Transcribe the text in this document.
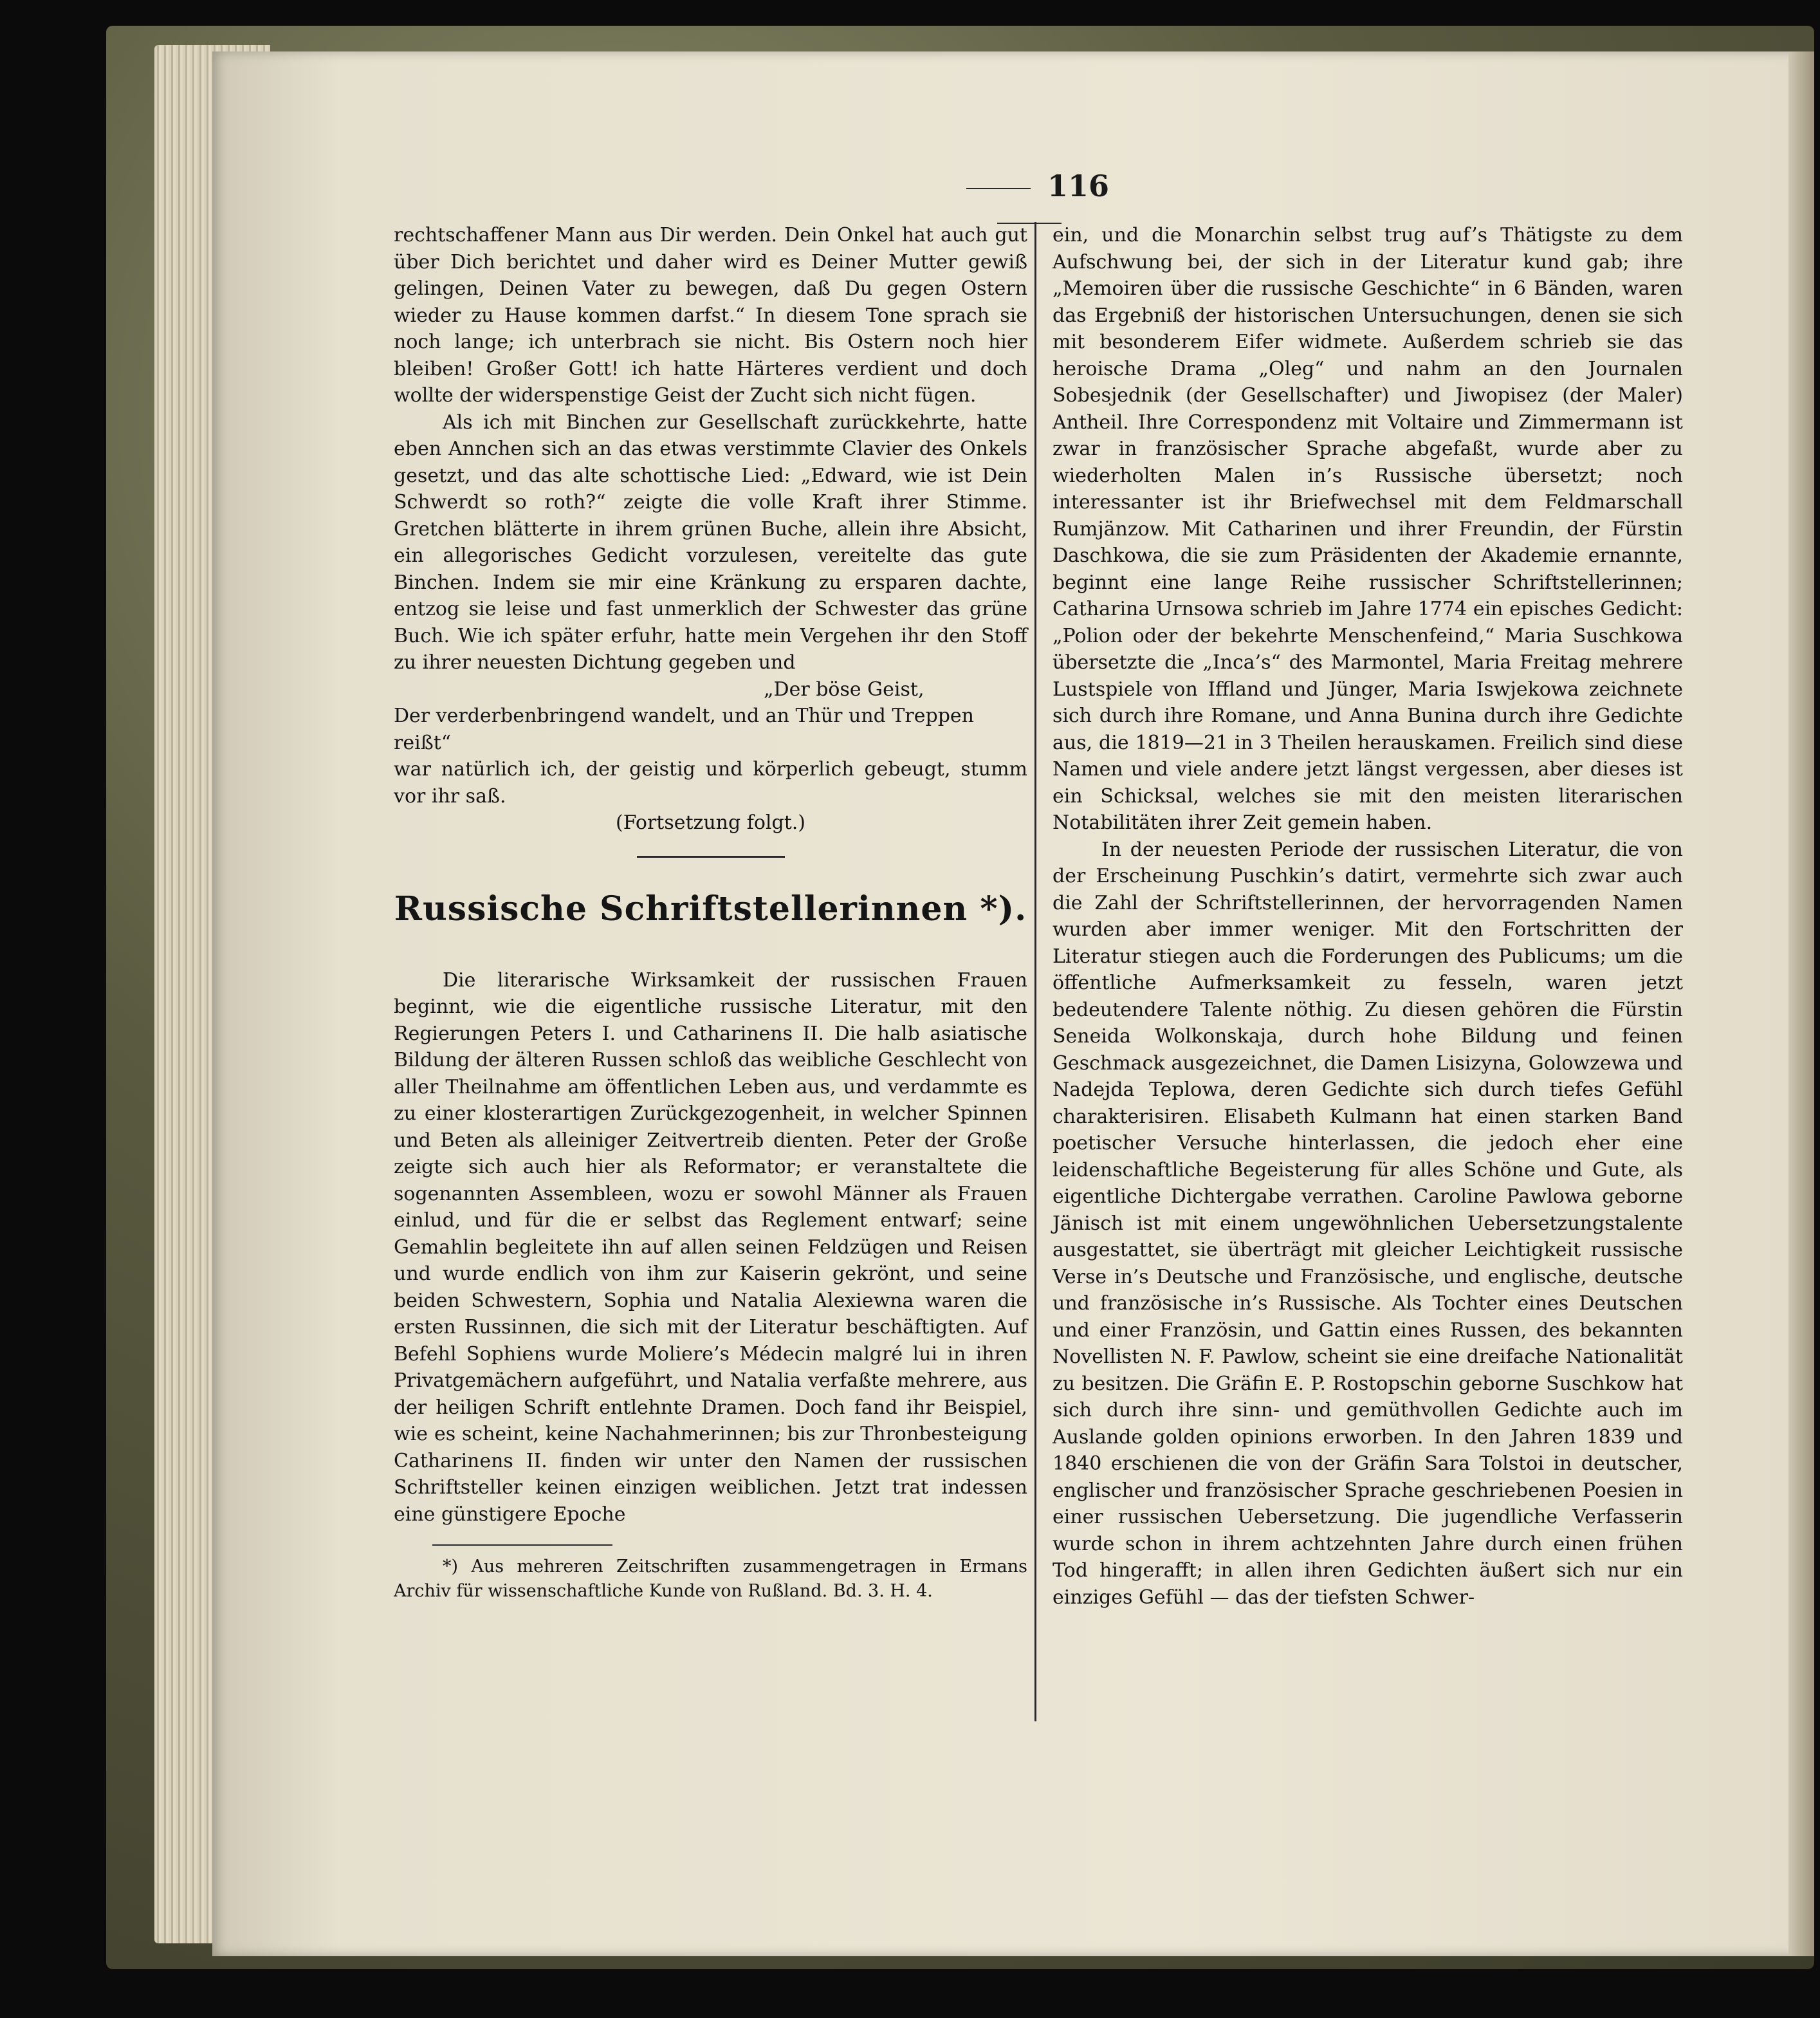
116

rechtschaffener Mann aus Dir werden. Dein Onkel hat auch gut über Dich berichtet und daher wird es Deiner Mutter gewiß gelingen, Deinen Vater zu bewegen, daß Du gegen Ostern wieder zu Hause kommen darfst.“ In diesem Tone sprach sie noch lange; ich unterbrach sie nicht. Bis Ostern noch hier bleiben! Großer Gott! ich hatte Härteres verdient und doch wollte der widerspenstige Geist der Zucht sich nicht fügen.

Als ich mit Binchen zur Gesellschaft zurückkehrte, hatte eben Annchen sich an das etwas verstimmte Clavier des Onkels gesetzt, und das alte schottische Lied: „Edward, wie ist Dein Schwerdt so roth?“ zeigte die volle Kraft ihrer Stimme. Gretchen blätterte in ihrem grünen Buche, allein ihre Absicht, ein allegorisches Gedicht vorzulesen, vereitelte das gute Binchen. Indem sie mir eine Kränkung zu ersparen dachte, entzog sie leise und fast unmerklich der Schwester das grüne Buch. Wie ich später erfuhr, hatte mein Vergehen ihr den Stoff zu ihrer neuesten Dichtung gegeben und

„Der böse Geist,
Der verderbenbringend wandelt, und an Thür und Treppen reißt“

war natürlich ich, der geistig und körperlich gebeugt, stumm vor ihr saß.

(Fortsetzung folgt.)

Russische Schriftstellerinnen *).

Die literarische Wirksamkeit der russischen Frauen beginnt, wie die eigentliche russische Literatur, mit den Regierungen Peters I. und Catharinens II. Die halb asiatische Bildung der älteren Russen schloß das weibliche Geschlecht von aller Theilnahme am öffentlichen Leben aus, und verdammte es zu einer klosterartigen Zurückgezogenheit, in welcher Spinnen und Beten als alleiniger Zeitvertreib dienten. Peter der Große zeigte sich auch hier als Reformator; er veranstaltete die sogenannten Assembleen, wozu er sowohl Männer als Frauen einlud, und für die er selbst das Reglement entwarf; seine Gemahlin begleitete ihn auf allen seinen Feldzügen und Reisen und wurde endlich von ihm zur Kaiserin gekrönt, und seine beiden Schwestern, Sophia und Natalia Alexiewna waren die ersten Russinnen, die sich mit der Literatur beschäftigten. Auf Befehl Sophiens wurde Moliere’s Médecin malgré lui in ihren Privatgemächern aufgeführt, und Natalia verfaßte mehrere, aus der heiligen Schrift entlehnte Dramen. Doch fand ihr Beispiel, wie es scheint, keine Nachahmerinnen; bis zur Thronbesteigung Catharinens II. finden wir unter den Namen der russischen Schriftsteller keinen einzigen weiblichen. Jetzt trat indessen eine günstigere Epoche

*) Aus mehreren Zeitschriften zusammengetragen in Ermans Archiv für wissenschaftliche Kunde von Rußland. Bd. 3. H. 4.

ein, und die Monarchin selbst trug auf’s Thätigste zu dem Aufschwung bei, der sich in der Literatur kund gab; ihre „Memoiren über die russische Geschichte“ in 6 Bänden, waren das Ergebniß der historischen Untersuchungen, denen sie sich mit besonderem Eifer widmete. Außerdem schrieb sie das heroische Drama „Oleg“ und nahm an den Journalen Sobesjednik (der Gesellschafter) und Jiwopisez (der Maler) Antheil. Ihre Correspondenz mit Voltaire und Zimmermann ist zwar in französischer Sprache abgefaßt, wurde aber zu wiederholten Malen in’s Russische übersetzt; noch interessanter ist ihr Briefwechsel mit dem Feldmarschall Rumjänzow. Mit Catharinen und ihrer Freundin, der Fürstin Daschkowa, die sie zum Präsidenten der Akademie ernannte, beginnt eine lange Reihe russischer Schriftstellerinnen; Catharina Urnsowa schrieb im Jahre 1774 ein episches Gedicht: „Polion oder der bekehrte Menschenfeind,“ Maria Suschkowa übersetzte die „Inca’s“ des Marmontel, Maria Freitag mehrere Lustspiele von Iffland und Jünger, Maria Iswjekowa zeichnete sich durch ihre Romane, und Anna Bunina durch ihre Gedichte aus, die 1819—21 in 3 Theilen herauskamen. Freilich sind diese Namen und viele andere jetzt längst vergessen, aber dieses ist ein Schicksal, welches sie mit den meisten literarischen Notabilitäten ihrer Zeit gemein haben.

In der neuesten Periode der russischen Literatur, die von der Erscheinung Puschkin’s datirt, vermehrte sich zwar auch die Zahl der Schriftstellerinnen, der hervorragenden Namen wurden aber immer weniger. Mit den Fortschritten der Literatur stiegen auch die Forderungen des Publicums; um die öffentliche Aufmerksamkeit zu fesseln, waren jetzt bedeutendere Talente nöthig. Zu diesen gehören die Fürstin Seneida Wolkonskaja, durch hohe Bildung und feinen Geschmack ausgezeichnet, die Damen Lisizyna, Golowzewa und Nadejda Teplowa, deren Gedichte sich durch tiefes Gefühl charakterisiren. Elisabeth Kulmann hat einen starken Band poetischer Versuche hinterlassen, die jedoch eher eine leidenschaftliche Begeisterung für alles Schöne und Gute, als eigentliche Dichtergabe verrathen. Caroline Pawlowa geborne Jänisch ist mit einem ungewöhnlichen Uebersetzungstalente ausgestattet, sie überträgt mit gleicher Leichtigkeit russische Verse in’s Deutsche und Französische, und englische, deutsche und französische in’s Russische. Als Tochter eines Deutschen und einer Französin, und Gattin eines Russen, des bekannten Novellisten N. F. Pawlow, scheint sie eine dreifache Nationalität zu besitzen. Die Gräfin E. P. Rostopschin geborne Suschkow hat sich durch ihre sinn- und gemüthvollen Gedichte auch im Auslande golden opinions erworben. In den Jahren 1839 und 1840 erschienen die von der Gräfin Sara Tolstoi in deutscher, englischer und französischer Sprache geschriebenen Poesien in einer russischen Uebersetzung. Die jugendliche Verfasserin wurde schon in ihrem achtzehnten Jahre durch einen frühen Tod hingerafft; in allen ihren Gedichten äußert sich nur ein einziges Gefühl — das der tiefsten Schwer-
